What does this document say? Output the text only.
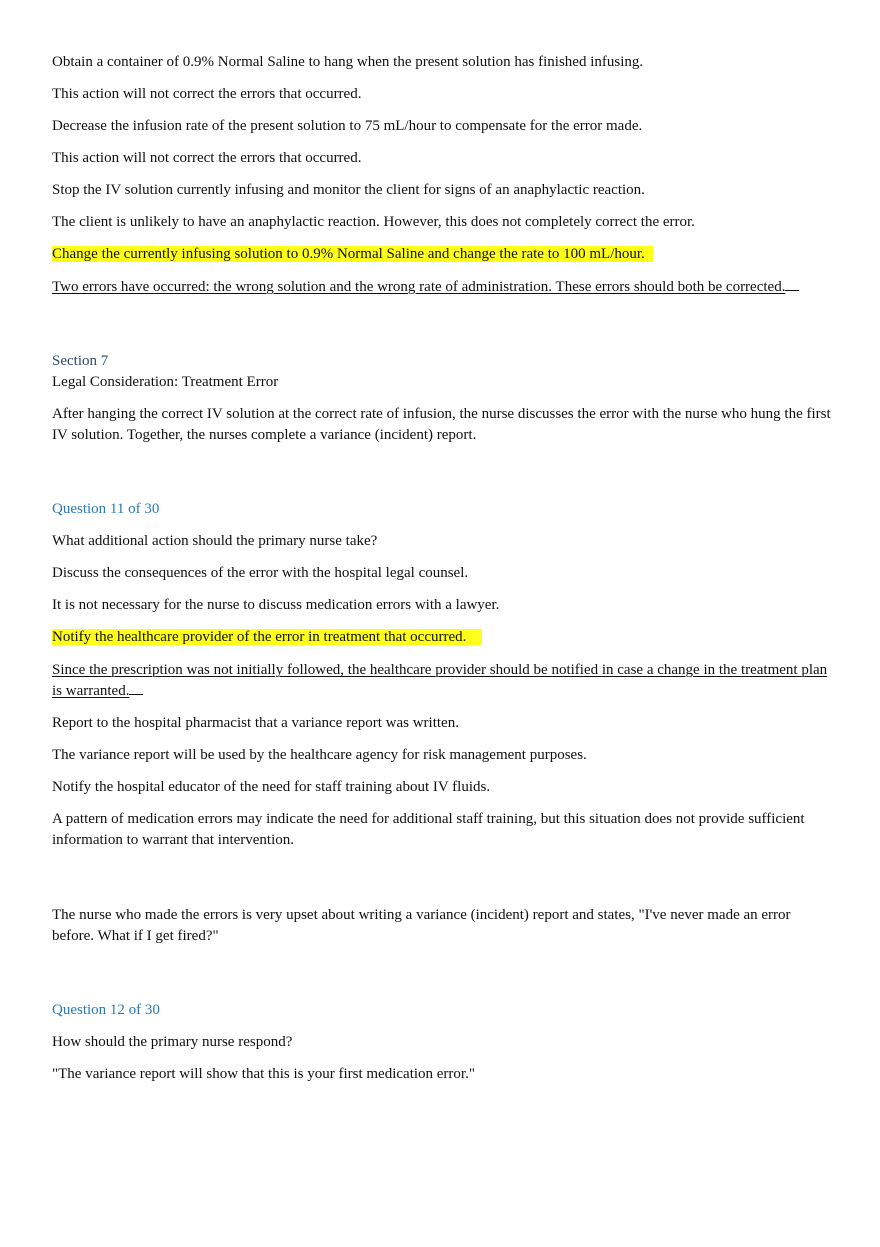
Obtain a container of 0.9% Normal Saline to hang when the present solution has finished infusing.

This action will not correct the errors that occurred.

Decrease the infusion rate of the present solution to 75 mL/hour to compensate for the error made.

This action will not correct the errors that occurred.

Stop the IV solution currently infusing and monitor the client for signs of an anaphylactic reaction.

The client is unlikely to have an anaphylactic reaction. However, this does not completely correct the error.

Change the currently infusing solution to 0.9% Normal Saline and change the rate to 100 mL/hour.

Two errors have occurred: the wrong solution and the wrong rate of administration. These errors should both be corrected.

Section 7

Legal Consideration: Treatment Error

After hanging the correct IV solution at the correct rate of infusion, the nurse discusses the error with the nurse who hung the first IV solution. Together, the nurses complete a variance (incident) report.

Question 11 of 30

What additional action should the primary nurse take?

Discuss the consequences of the error with the hospital legal counsel.

It is not necessary for the nurse to discuss medication errors with a lawyer.

Notify the healthcare provider of the error in treatment that occurred.

Since the prescription was not initially followed, the healthcare provider should be notified in case a change in the treatment plan is warranted.

Report to the hospital pharmacist that a variance report was written.

The variance report will be used by the healthcare agency for risk management purposes.

Notify the hospital educator of the need for staff training about IV fluids.

A pattern of medication errors may indicate the need for additional staff training, but this situation does not provide sufficient information to warrant that intervention.

The nurse who made the errors is very upset about writing a variance (incident) report and states, "I've never made an error before. What if I get fired?"

Question 12 of 30

How should the primary nurse respond?

"The variance report will show that this is your first medication error."
